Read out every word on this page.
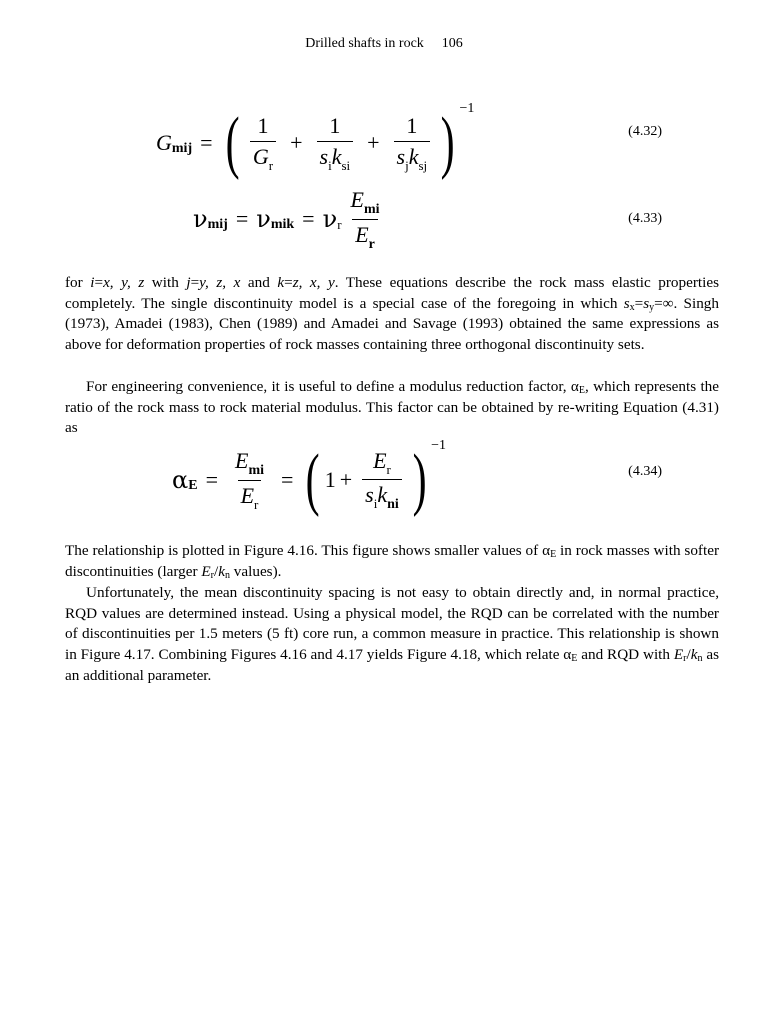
Drilled shafts in rock 106
G mij = ( $\frac{1}{G_r} + \frac{1}{s_ik_{si}} + \frac{1}{s_jk_{sj}}$ ) −1
(4.32)
ν mij = ν mik = ν r $\frac{E_{mi}}{E_r}$	(4.33)
for i=x, y, z with j=y, z, x and k=z, x, y. These equations describe the rock mass elastic properties completely. The single discontinuity model is a special case of the foregoing in which $s_x=s_y=\infty$. Singh (1973), Amadei (1983), Chen (1989) and Amadei and Savage (1993) obtained the same expressions as above for deformation properties of rock masses containing three orthogonal discontinuity sets.
For engineering convenience, it is useful to define a modulus reduction factor, $\alpha_E$, which represents the ratio of the rock mass to rock material modulus. This factor can be obtained by re-writing Equation (4.31) as
α $E = \frac{E_{mi}}{E_r}$ = ( $1 + \frac{E_r}{s_ik_{ni}}$ ) −1
(4.34)
The relationship is plotted in Figure 4.16. This figure shows smaller values of $\alpha_E$ in rock masses with softer discontinuities (larger $E_r/k_n$ values).
Unfortunately, the mean discontinuity spacing is not easy to obtain directly and, in normal practice, RQD values are determined instead. Using a physical model, the RQD can be correlated with the number of discontinuities per 1.5 meters (5 ft) core run, a common measure in practice. This relationship is shown in Figure 4.17. Combining Figures 4.16 and 4.17 yields Figure 4.18, which relate $\alpha_E$ and RQD with $E_r/k_n$ as an additional parameter.
